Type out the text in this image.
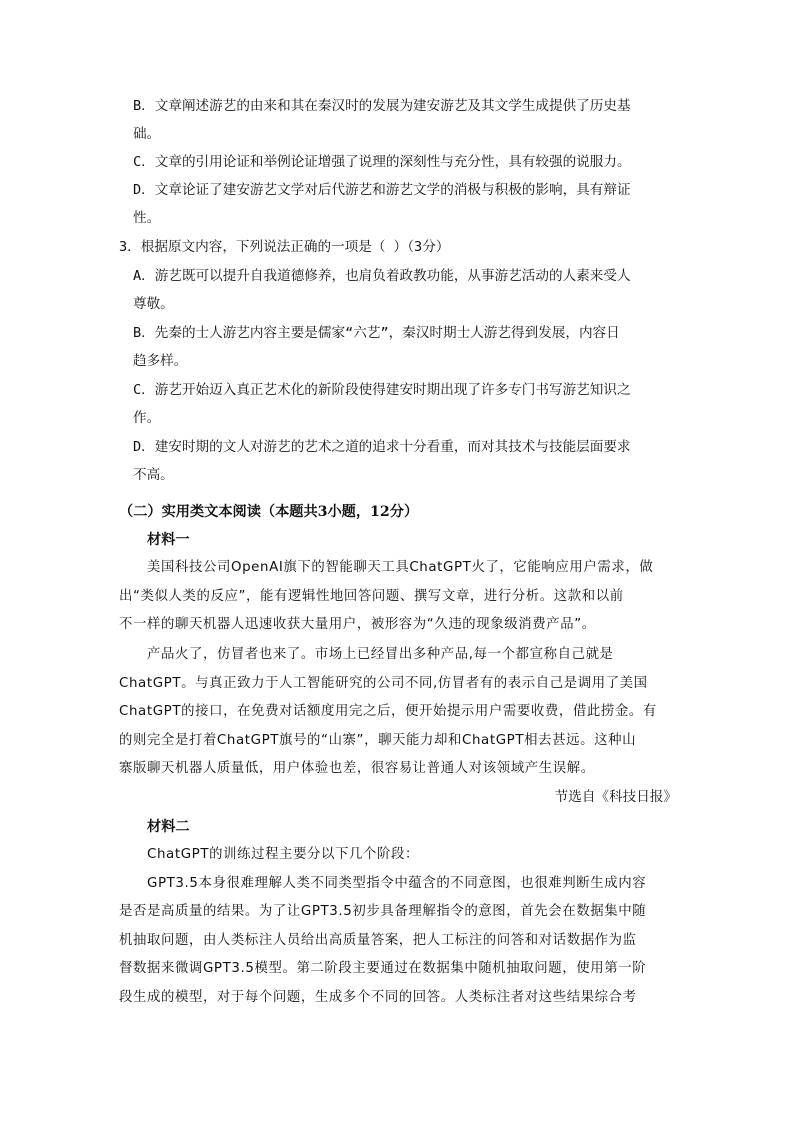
B．文章阐述游艺的由来和其在秦汉时的发展为建安游艺及其文学生成提供了历史基
础。
C．文章的引用论证和举例论证增强了说理的深刻性与充分性，具有较强的说服力。
D．文章论证了建安游艺文学对后代游艺和游艺文学的消极与积极的影响，具有辩证
性。
3．根据原文内容，下列说法正确的一项是（ ）（3分）
A．游艺既可以提升自我道德修养，也肩负着政教功能，从事游艺活动的人素来受人
尊敬。
B．先秦的士人游艺内容主要是儒家“六艺”，秦汉时期士人游艺得到发展，内容日
趋多样。
C．游艺开始迈入真正艺术化的新阶段使得建安时期出现了许多专门书写游艺知识之
作。
D．建安时期的文人对游艺的艺术之道的追求十分看重，而对其技术与技能层面要求
不高。
（二）实用类文本阅读（本题共3小题，12分）
材料一
美国科技公司OpenAI旗下的智能聊天工具ChatGPT火了，它能响应用户需求，做
出“类似人类的反应”，能有逻辑性地回答问题、撰写文章，进行分析。这款和以前
不一样的聊天机器人迅速收获大量用户，被形容为“久违的现象级消费产品”。
产品火了，仿冒者也来了。市场上已经冒出多种产品,每一个都宣称自己就是
ChatGPT。与真正致力于人工智能研究的公司不同,仿冒者有的表示自己是调用了美国
ChatGPT的接口，在免费对话额度用完之后，便开始提示用户需要收费，借此捞金。有
的则完全是打着ChatGPT旗号的“山寨”，聊天能力却和ChatGPT相去甚远。这种山
寨版聊天机器人质量低，用户体验也差，很容易让普通人对该领域产生误解。
节选自《科技日报》
材料二
ChatGPT的训练过程主要分以下几个阶段：
GPT3.5本身很难理解人类不同类型指令中蕴含的不同意图，也很难判断生成内容
是否是高质量的结果。为了让GPT3.5初步具备理解指令的意图，首先会在数据集中随
机抽取问题，由人类标注人员给出高质量答案，把人工标注的问答和对话数据作为监
督数据来微调GPT3.5模型。第二阶段主要通过在数据集中随机抽取问题，使用第一阶
段生成的模型，对于每个问题，生成多个不同的回答。人类标注者对这些结果综合考
